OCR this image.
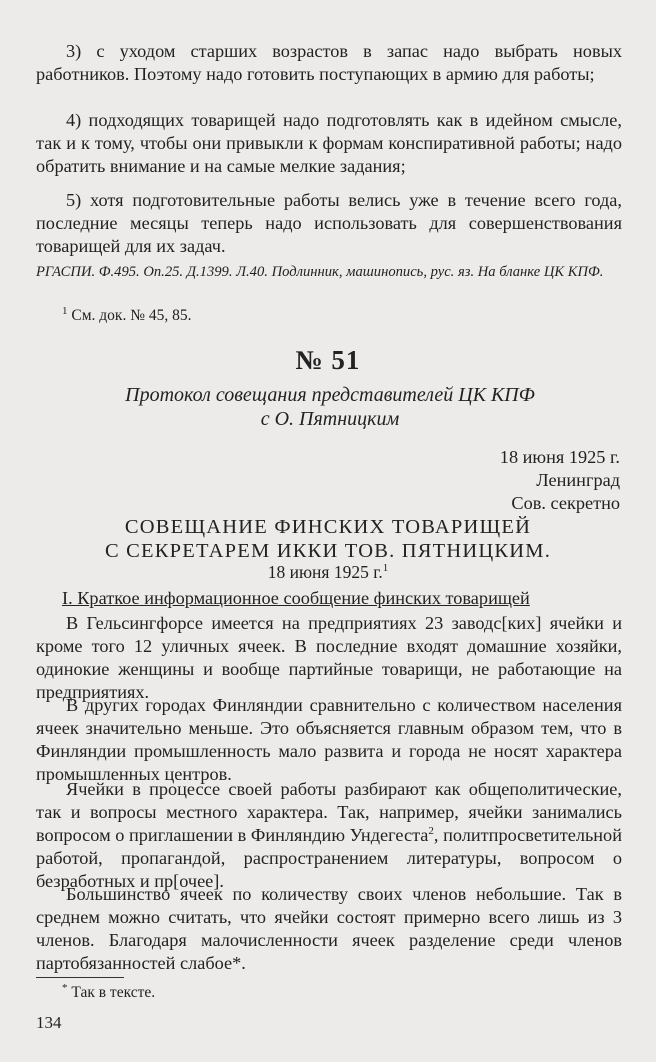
3) с уходом старших возрастов в запас надо выбрать новых работников. Поэтому надо готовить поступающих в армию для работы;

4) подходящих товарищей надо подготовлять как в идейном смысле, так и к тому, чтобы они привыкли к формам конспиративной работы; надо обратить внимание и на самые мелкие задания;

5) хотя подготовительные работы велись уже в течение всего года, последние месяцы теперь надо использовать для совершенствования товарищей для их задач.

РГАСПИ. Ф.495. Оп.25. Д.1399. Л.40. Подлинник, машинопись, рус. яз. На бланке ЦК КПФ.

$^1$ См. док. № 45, 85.

№ 51

Протокол совещания представителей ЦК КПФ
с О. Пятницким

18 июня 1925 г.
Ленинград
Сов. секретно

СОВЕЩАНИЕ ФИНСКИХ ТОВАРИЩЕЙ
С СЕКРЕТАРЕМ ИККИ ТОВ. ПЯТНИЦКИМ.

18 июня 1925 г.$^1$

I. Краткое информационное сообщение финских товарищей

В Гельсингфорсе имеется на предприятиях 23 заводс[ких] ячейки и кроме того 12 уличных ячеек. В последние входят домашние хозяйки, одинокие женщины и вообще партийные товарищи, не работающие на предприятиях.

В других городах Финляндии сравнительно с количеством населения ячеек значительно меньше. Это объясняется главным образом тем, что в Финляндии промышленность мало развита и города не носят характера промышленных центров.

Ячейки в процессе своей работы разбирают как общеполитические, так и вопросы местного характера. Так, например, ячейки занимались вопросом о приглашении в Финляндию Ундегеста$^2$, политпросветительной работой, пропагандой, распространением литературы, вопросом о безработных и пр[очее].

Большинство ячеек по количеству своих членов небольшие. Так в среднем можно считать, что ячейки состоят примерно всего лишь из 3 членов. Благодаря малочисленности ячеек разделение среди членов партобязанностей слабое*.

* Так в тексте.

134
